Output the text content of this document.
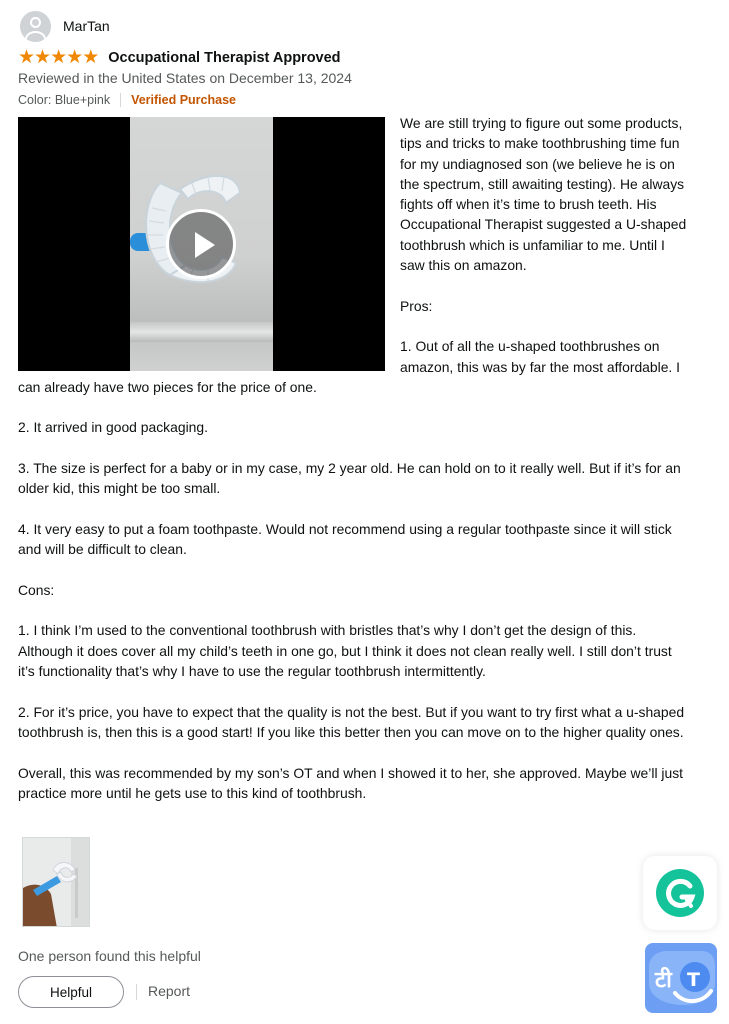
MarTan
★ ★ ★ ★ ★ Occupational Therapist Approved
Reviewed in the United States on December 13, 2024
Color: Blue+pink Verified Purchase

We are still trying to figure out some products, tips and tricks to make toothbrushing time fun for my undiagnosed son (we believe he is on the spectrum, still awaiting testing). He always fights off when it’s time to brush teeth. His Occupational Therapist suggested a U-shaped toothbrush which is unfamiliar to me. Until I saw this on amazon.

Pros:

1. Out of all the u-shaped toothbrushes on amazon, this was by far the most affordable. I can already have two pieces for the price of one.

2. It arrived in good packaging.

3. The size is perfect for a baby or in my case, my 2 year old. He can hold on to it really well. But if it’s for an older kid, this might be too small.

4. It very easy to put a foam toothpaste. Would not recommend using a regular toothpaste since it will stick and will be difficult to clean.

Cons:

1. I think I’m used to the conventional toothbrush with bristles that’s why I don’t get the design of this. Although it does cover all my child’s teeth in one go, but I think it does not clean really well. I still don’t trust it’s functionality that’s why I have to use the regular toothbrush intermittently.

2. For it’s price, you have to expect that the quality is not the best. But if you want to try first what a u-shaped toothbrush is, then this is a good start! If you like this better then you can move on to the higher quality ones.

Overall, this was recommended by my son’s OT and when I showed it to her, she approved. Maybe we’ll just practice more until he gets use to this kind of toothbrush.

One person found this helpful
Helpful	Report	टी T
